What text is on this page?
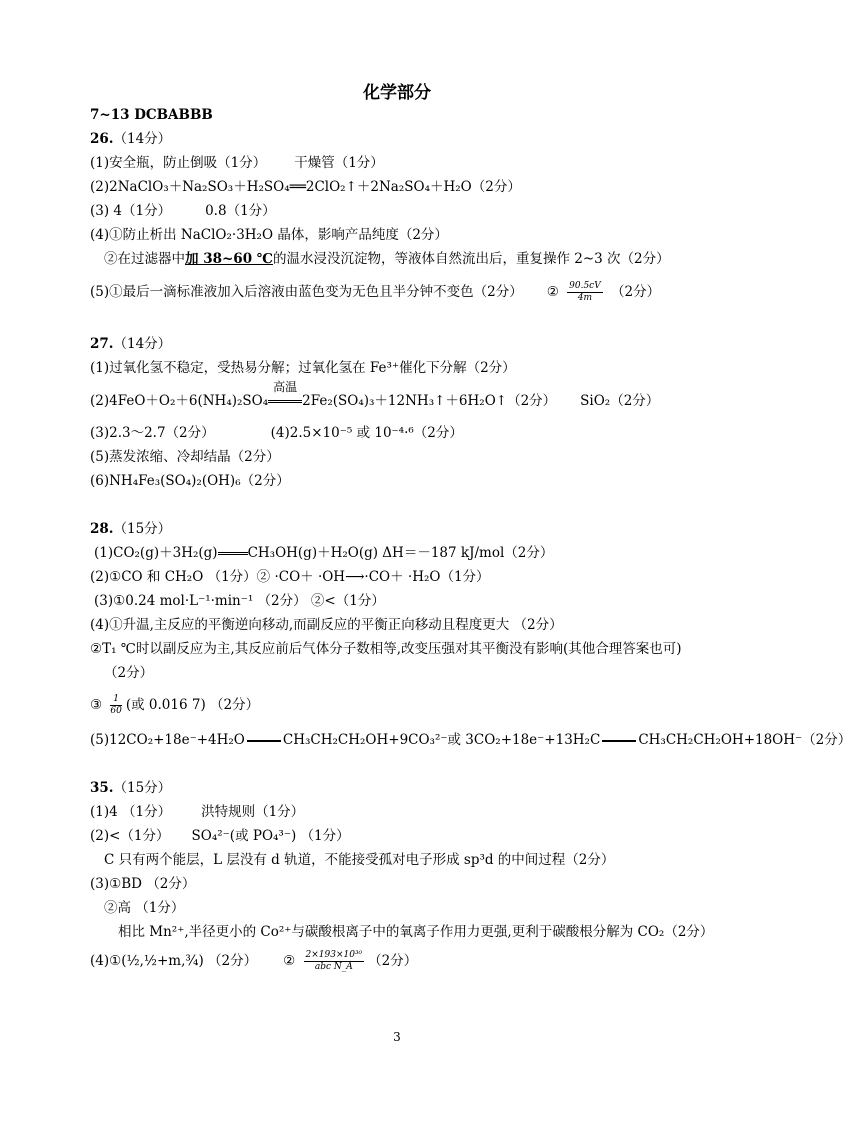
化学部分
7~13 DCBABBB
26.（14分）
(1)安全瓶，防止倒吸（1分） 干燥管（1分）
(2)2NaClO₃＋Na₂SO₃＋H₂SO₄══2ClO₂↑＋2Na₂SO₄＋H₂O（2分）
(3) 4（1分）	0.8（1分）
(4)①防止析出 NaClO₂·3H₂O 晶体，影响产品纯度（2分）
②在过滤器中加 38~60 ℃的温水浸没沉淀物，等液体自然流出后，重复操作 2~3 次（2分）
(5)①最后一滴标准液加入后溶液由蓝色变为无色且半分钟不变色（2分） ② $\frac{90.5cV}{4m} (2$分）
27.（14分）
(1)过氧化氢不稳定，受热易分解；过氧化氢在 Fe³⁺催化下分解（2分）
(2)4FeO＋O₂＋6(NH₄)₂SO₄
高温
2Fe₂(SO₄)₃＋12NH₃↑＋6H₂O↑（2分） SiO₂（2分）
(3)2.3～2.7（2分）	(4)2.5×10⁻⁵ 或 10⁻⁴·⁶（2分）
(5)蒸发浓缩、冷却结晶（2分）
(6)NH₄Fe₃(SO₄)₂(OH)₆（2分）
28.（15分）
(1)CO₂(g)＋3H₂(g) CH₃OH(g)＋H₂O(g) ΔH＝－187 kJ/mol（2分）
(2)①CO 和 CH₂O （1分）② ·CO＋ ·OH⟶·CO＋ ·H₂O（1分）
(3)①0.24 mol·L⁻¹·min⁻¹ （2分） ②<（1分）
(4)①升温,主反应的平衡逆向移动,而副反应的平衡正向移动且程度更大 （2分）
②T₁ ℃时以副反应为主,其反应前后气体分子数相等,改变压强对其平衡没有影响(其他合理答案也可)
（2分）
③ $\frac{1}{60}$ (或 0.016 7) （2分）
(5)12CO₂+18e⁻+4H₂O	CH₃CH₂CH₂OH+9CO₃²⁻或 3CO₂+18e⁻+13H₂C	CH₃CH₂CH₂OH+18OH⁻（2分）
35.（15分）
(1)4 （1分） 洪特规则（1分）
(2)<（1分） SO₄²⁻(或 PO₄³⁻) （1分）
C 只有两个能层，L 层没有 d 轨道，不能接受孤对电子形成 sp³d 的中间过程（2分）
(3)①BD （2分）
②高 （1分）
相比 Mn²⁺,半径更小的 Co²⁺与碳酸根离子中的氧离子作用力更强,更利于碳酸根分解为 CO₂（2分）
(4)①(½,½+m,¾) （2分） ② $\frac{\text{2×193×10³⁰}}{\text{abc N\_A}} (2$分）
3
